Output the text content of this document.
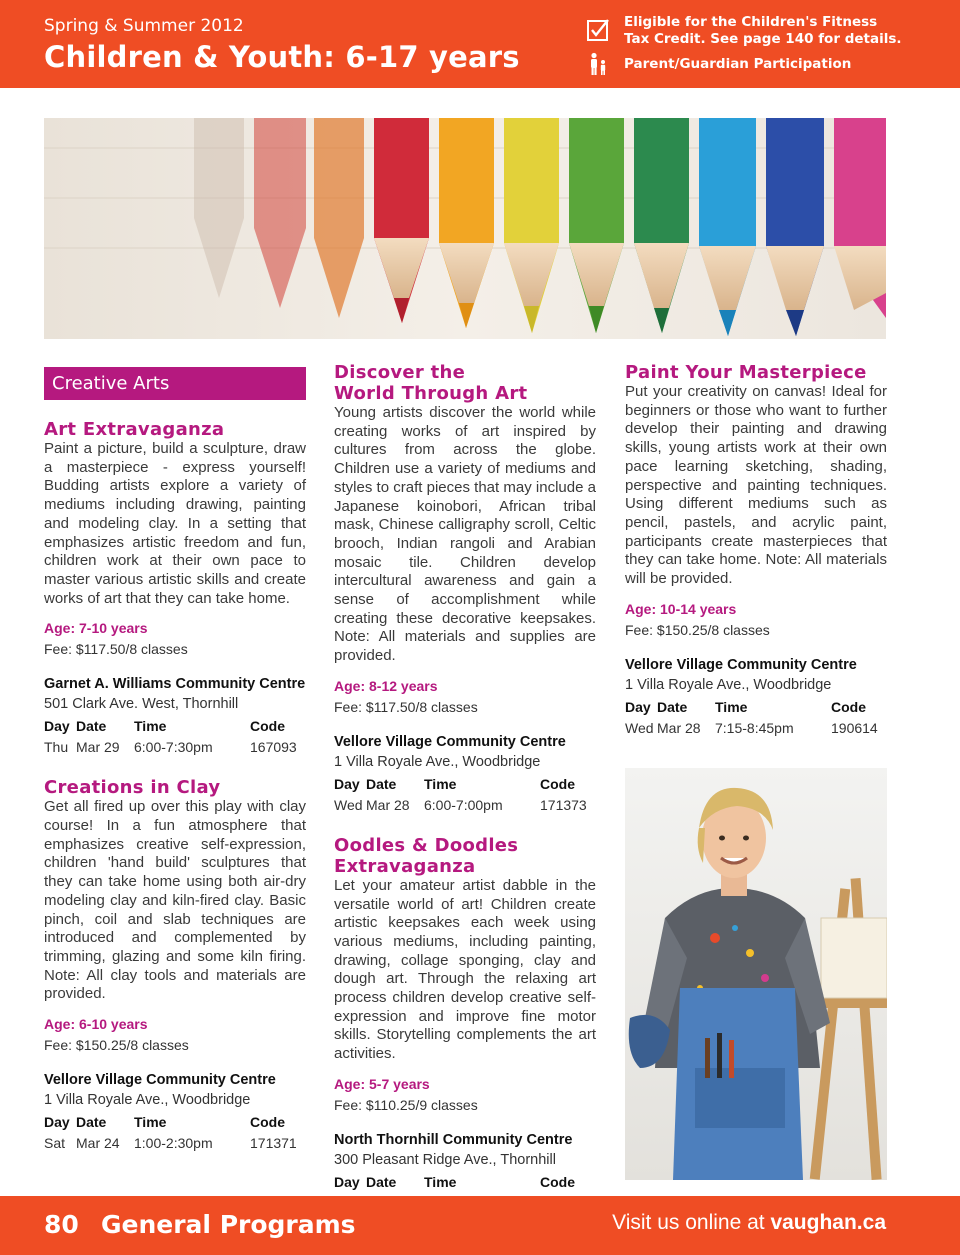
Spring & Summer 2012
Children & Youth: 6-17 years
Eligible for the Children's Fitness
Tax Credit. See page 140 for details.
Parent/Guardian Participation
Creative Arts
Art Extravaganza
Paint a picture, build a sculpture, draw a masterpiece - express yourself! Budding artists explore a variety of mediums including drawing, painting and modeling clay. In a setting that emphasizes artistic freedom and fun, children work at their own pace to master various artistic skills and create works of art that they can take home.
Age: 7-10 years
Fee: $117.50/8 classes
Garnet A. Williams Community Centre
501 Clark Ave. West, Thornhill
Day Date	Time	Code
Thu Mar 29	6:00-7:30pm	167093
Creations in Clay
Get all fired up over this play with clay course! In a fun atmosphere that emphasizes creative self-expression, children 'hand build' sculptures that they can take home using both air-dry modeling clay and kiln-fired clay. Basic pinch, coil and slab techniques are introduced and complemented by trimming, glazing and some kiln firing. Note: All clay tools and materials are provided.
Age: 6-10 years
Fee: $150.25/8 classes
Vellore Village Community Centre
1 Villa Royale Ave., Woodbridge
Day Date	Time	Code
Sat Mar 24	1:00-2:30pm	171371
Discover the
World Through Art
Young artists discover the world while creating works of art inspired by cultures from across the globe. Children use a variety of mediums and styles to craft pieces that may include a Japanese koinobori, African tribal mask, Chinese calligraphy scroll, Celtic brooch, Indian rangoli and Arabian mosaic tile. Children develop intercultural awareness and gain a sense of accomplishment while creating these decorative keepsakes. Note: All materials and supplies are provided.
Age: 8-12 years
Fee: $117.50/8 classes
Vellore Village Community Centre
1 Villa Royale Ave., Woodbridge
Day Date	Time	Code
Wed Mar 28	6:00-7:00pm	171373
Oodles & Doodles
Extravaganza
Let your amateur artist dabble in the versatile world of art! Children create artistic keepsakes each week using various mediums, including painting, drawing, collage sponging, clay and dough art. Through the relaxing art process children develop creative self-expression and improve fine motor skills. Storytelling complements the art activities.
Age: 5-7 years
Fee: $110.25/9 classes
North Thornhill Community Centre
300 Pleasant Ridge Ave., Thornhill
Day Date	Time	Code
Paint Your Masterpiece
Put your creativity on canvas! Ideal for beginners or those who want to further develop their painting and drawing skills, young artists work at their own pace learning sketching, shading, perspective and painting techniques. Using different mediums such as pencil, pastels, and acrylic paint, participants create masterpieces that they can take home. Note: All materials will be provided.
Age: 10-14 years
Fee: $150.25/8 classes
Vellore Village Community Centre
1 Villa Royale Ave., Woodbridge
Day Date	Time	Code
Wed Mar 28	7:15-8:45pm	190614
80 General Programs	Visit us online at vaughan.ca
